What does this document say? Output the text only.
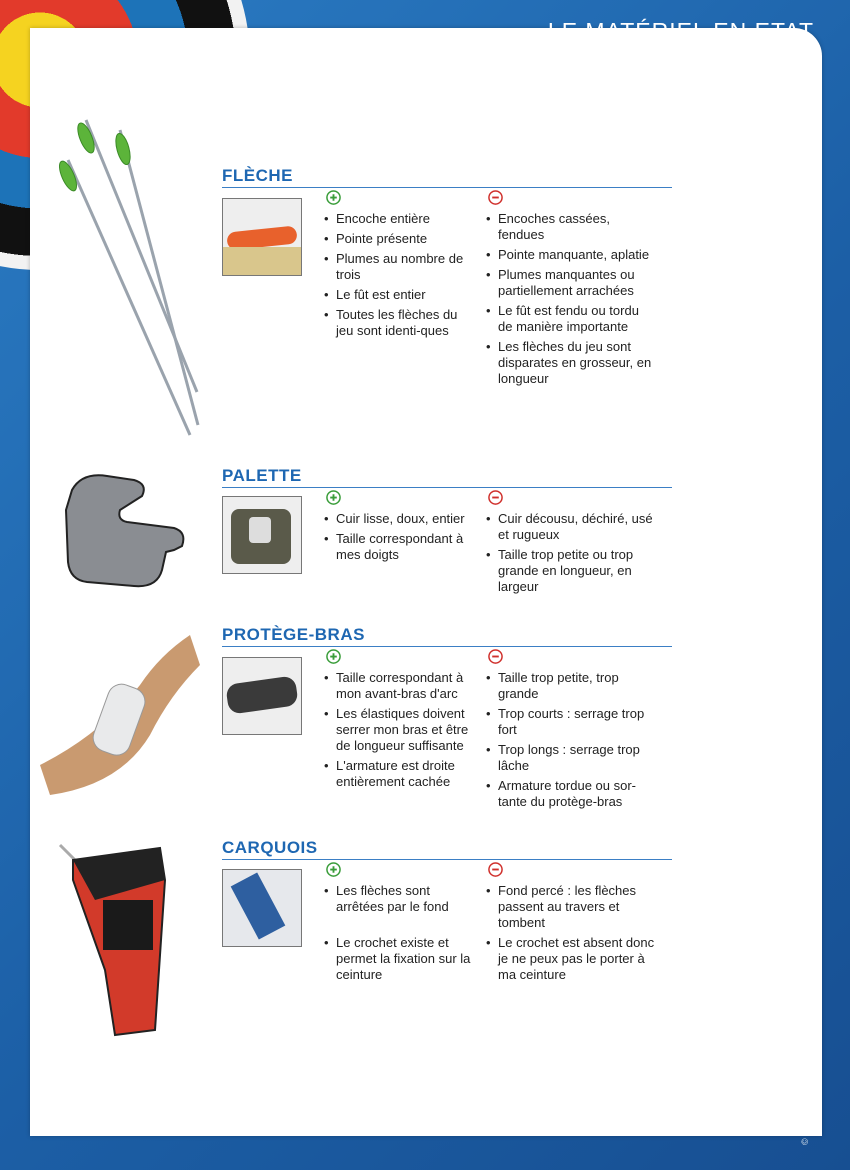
LE MATÉRIEL EN ETAT
DE FONCTIONNEMENT
© Équipe Technique Régionale du Languedoc Roussillon - Jean SIMON, Lionel ALLASIO. Coordinatrice : Brigitte BLANC
FLÈCHE
• Encoche entière
• Pointe présente
• Plumes au nombre de trois
• Le fût est entier
• Toutes les flèches du jeu sont identi-ques
• Encoches cassées, fendues
• Pointe manquante, aplatie
• Plumes manquantes ou partiellement arrachées
• Le fût est fendu ou tordu de manière importante
• Les flèches du jeu sont disparates en grosseur, en longueur
PALETTE
• Cuir lisse, doux, entier
• Taille correspondant à mes doigts
• Cuir décousu, déchiré, usé et rugueux
• Taille trop petite ou trop grande en longueur, en largeur
PROTÈGE-BRAS
• Taille correspondant à mon avant-bras d'arc
• Les élastiques doivent serrer mon bras et être de longueur suffisante
• L'armature est droite entièrement cachée
• Taille trop petite, trop grande
• Trop courts : serrage trop fort
• Trop longs : serrage trop lâche
• Armature tordue ou sor-tante du protège-bras
CARQUOIS
• Les flèches sont arrêtées par le fond
• Le crochet existe et permet la fixation sur la ceinture
• Fond percé : les flèches passent au travers et tombent
• Le crochet est absent donc je ne peux pas le porter à ma ceinture
